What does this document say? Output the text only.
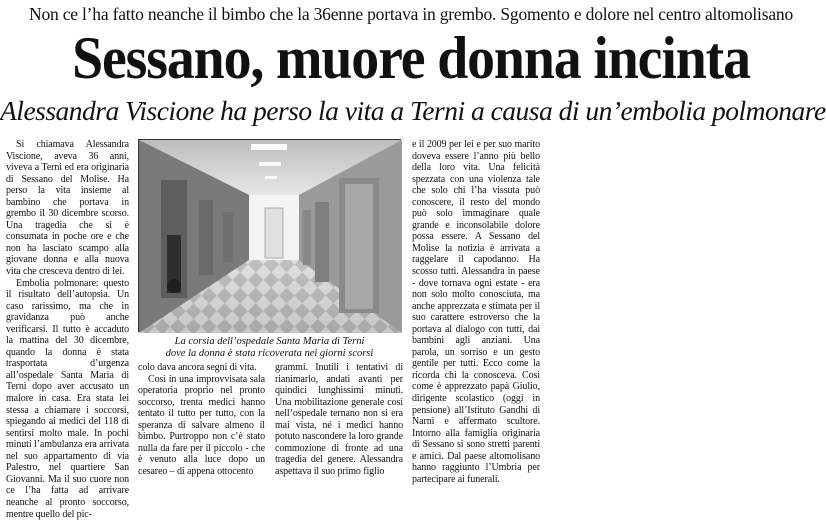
Non ce l’ha fatto neanche il bimbo che la 36enne portava in grembo. Sgomento e dolore nel centro altomolisano
Sessano, muore donna incinta
Alessandra Viscione ha perso la vita a Terni a causa di un’embolia polmonare

Si chiamava Alessandra Viscione, aveva 36 anni, viveva a Terni ed era originaria di Sessano del Molise. Ha perso la vita insieme al bambino che portava in grembo il 30 dicembre scorso. Una tragedia che si è consumata in poche ore e che non ha lasciato scampo alla giovane donna e alla nuova vita che cresceva dentro di lei.

Embolia polmonare: questo il risultato dell’autopsia. Un caso rarissimo, ma che in gravidanza può anche verificarsi. Il tutto è accaduto la mattina del 30 dicembre, quando la donna è stata trasportata d’urgenza all’ospedale Santa Maria di Terni dopo aver accusato un malore in casa. Era stata lei stessa a chiamare i soccorsi, spiegando ai medici del 118 di sentirsi molto male. In pochi minuti l’ambulanza era arrivata nel suo appartamento di via Palestro, nel quartiere San Giovanni. Ma il suo cuore non ce l’ha fatta ad arrivare neanche al pronto soccorso, mentre quello del pic-

La corsia dell’ospedale Santa Maria di Terni
dove la donna è stata ricoverata nei giorni scorsi

colo dava ancora segni di vita.

Così in una improvvisata sala operatoria proprio nel pronto soccorso, trenta medici hanno tentato il tutto per tutto, con la speranza di salvare almeno il bimbo. Purtroppo non c’è stato nulla da fare per il piccolo - che è venuto alla luce dopo un cesareo – di appena ottocento

grammi. Inutili i tentativi di rianimarlo, andati avanti per quindici lunghissimi minuti. Una mobilitazione generale così nell’ospedale ternano non si era mai vista, né i medici hanno potuto nascondere la loro grande commozione di fronte ad una tragedia del genere. Alessandra aspettava il suo primo figlio

e il 2009 per lei e per suo marito doveva essere l’anno più bello della loro vita. Una felicità spezzata con una violenza tale che solo chi l’ha vissuta può conoscere, il resto del mondo può solo immaginare quale grande e inconsolabile dolore possa essere. A Sessano del Molise la notizia è arrivata a raggelare il capodanno. Ha scosso tutti. Alessandra in paese - dove tornava ogni estate - era non solo molto conosciuta, ma anche apprezzata e stimata per il suo carattere estroverso che la portava al dialogo con tutti, dai bambini agli anziani. Una parola, un sorriso e un gesto gentile per tutti. Ecco come la ricorda chi la conosceva. Così come è apprezzato papà Giulio, dirigente scolastico (oggi in pensione) all’Istituto Gandhi di Narni e affermato scultore. Intorno alla famiglia originaria di Sessano si sono stretti parenti e amici. Dal paese altomolisano hanno raggiunto l’Umbria per partecipare ai funerali.
